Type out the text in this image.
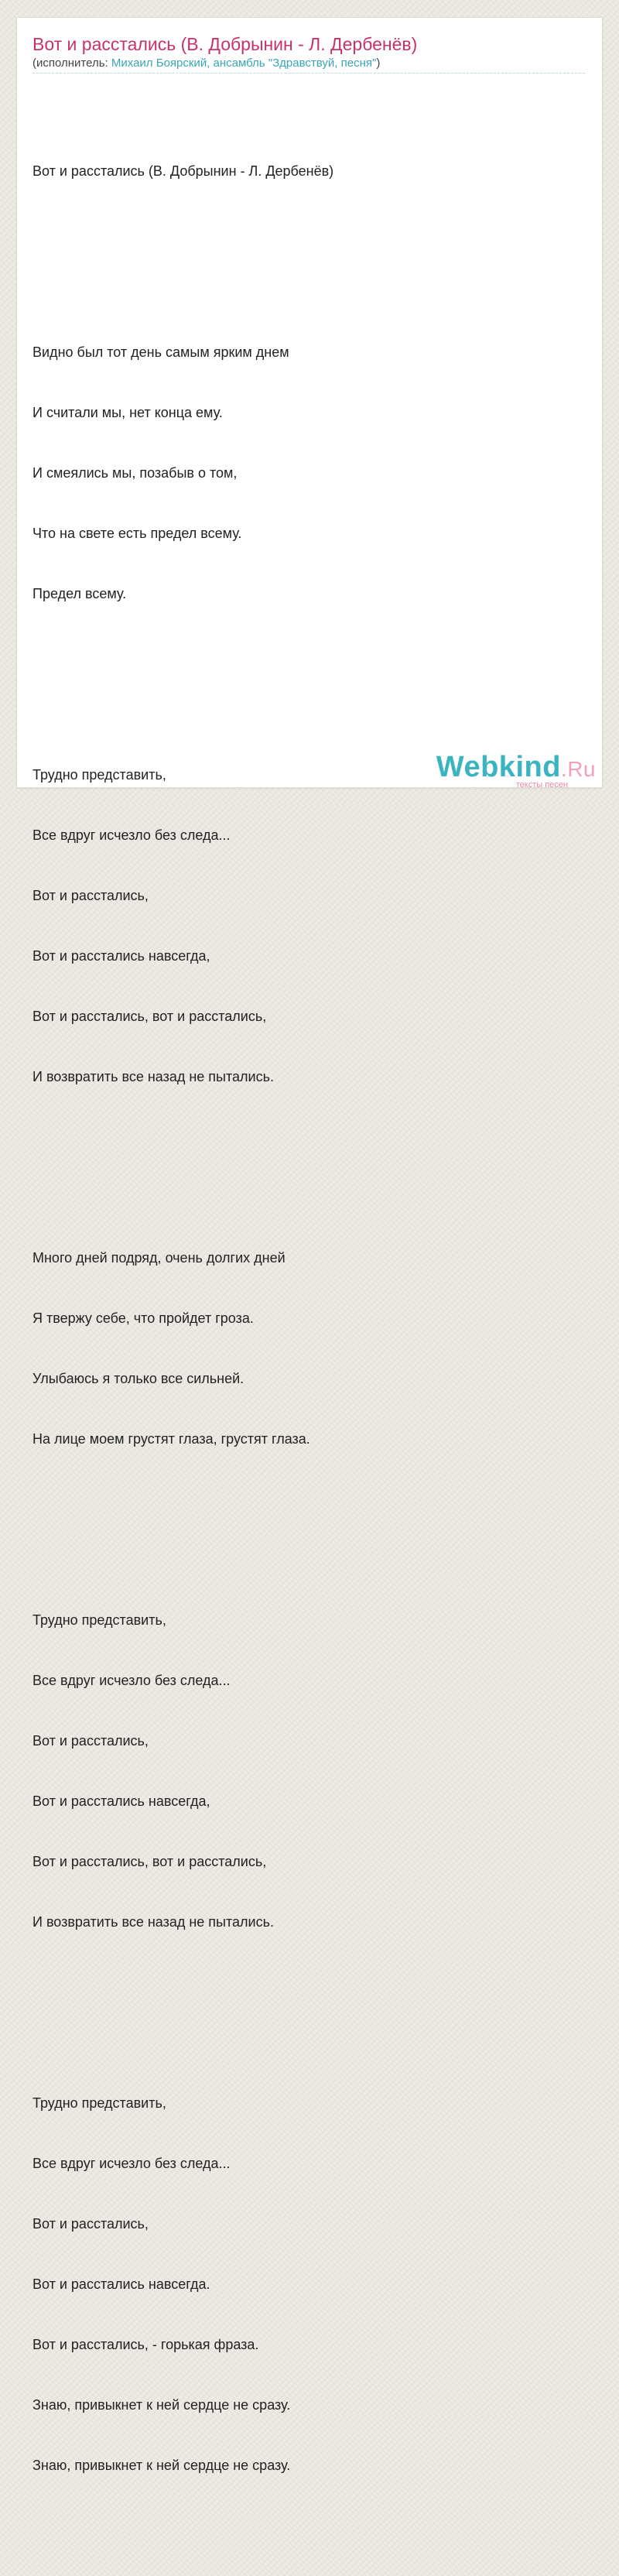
Вот и расстались (В. Добрынин - Л. Дербенёв)
(исполнитель: Михаил Боярский, ансамбль "Здравствуй, песня")

Вот и расстались (В. Добрынин - Л. Дербенёв)

Видно был тот день самым ярким днем

И считали мы, нет конца ему.

И смеялись мы, позабыв о том,

Что на свете есть предел всему.

Предел всему.

Трудно представить,

Все вдруг исчезло без следа...

Вот и расстались,

Вот и расстались навсегда,

Вот и расстались, вот и расстались,

И возвратить все назад не пытались.

Много дней подряд, очень долгих дней

Я твержу себе, что пройдет гроза.

Улыбаюсь я только все сильней.

На лице моем грустят глаза, грустят глаза.

Трудно представить,

Все вдруг исчезло без следа...

Вот и расстались,

Вот и расстались навсегда,

Вот и расстались, вот и расстались,

И возвратить все назад не пытались.

Трудно представить,

Все вдруг исчезло без следа...

Вот и расстались,

Вот и расстались навсегда.

Вот и расстались, - горькая фраза.

Знаю, привыкнет к ней сердце не сразу.

Знаю, привыкнет к ней сердце не сразу.

Webkind.Ru
тексты песен
